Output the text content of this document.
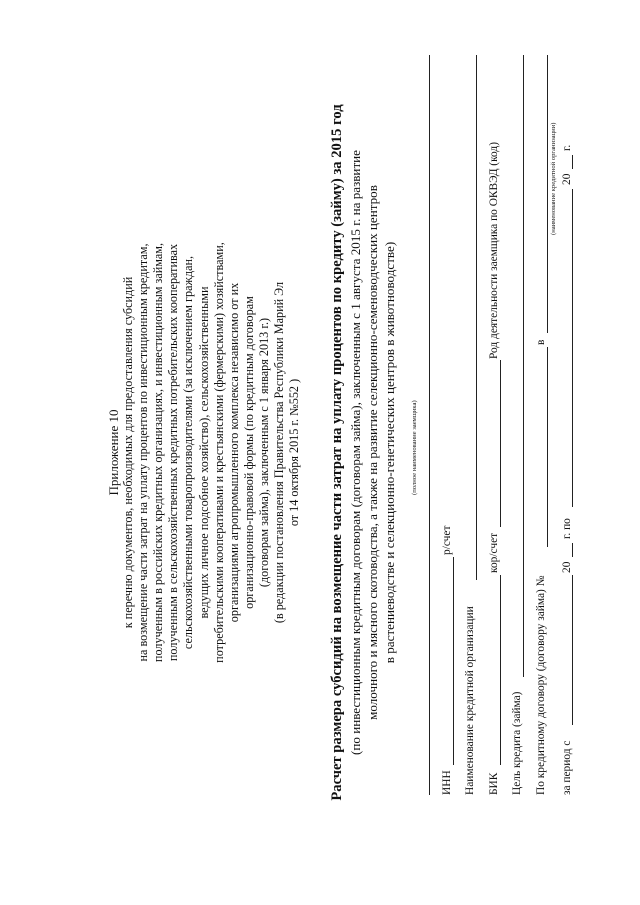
Приложение 10 к перечню документов, необходимых для предоставления субсидий на возмещение части затрат на уплату процентов по инвестиционным кредитам, полученным в российских кредитных организациях, и инвестиционным займам, полученным в сельскохозяйственных кредитных потребительских кооперативах сельскохозяйственными товаропроизводителями (за исключением граждан, ведущих личное подсобное хозяйство), сельскохозяйственными потребительскими кооперативами и крестьянскими (фермерскими) хозяйствами, организациями агропромышленного комплекса независимо от их организационно-правовой формы (по кредитным договорам (договорам займа), заключенным с 1 января 2013 г.) (в редакции постановления Правительства Республики Марий Эл от 14 октября 2015 г. №552 ) Расчет размера субсидий на возмещение части затрат на уплату процентов по кредиту (займу) за 2015 год (по инвестиционным кредитным договорам (договорам займа), заключенным с 1 августа 2015 г. на развитие молочного и мясного скотоводства, а также на развитие селекционно-семеноводческих центров в растениеводстве и селекционно-генетических центров в животноводстве) (полное наименование заемщика)
ИНН
р/счет
Наименование кредитной организации БИК
кор/счет
Род деятельности заемщика по ОКВЭД (код)
Цель кредита (займа) По кредитному договору (договору займа) №
в
(наименование кредитной организации)
за период с
20
г. по
20
г.
